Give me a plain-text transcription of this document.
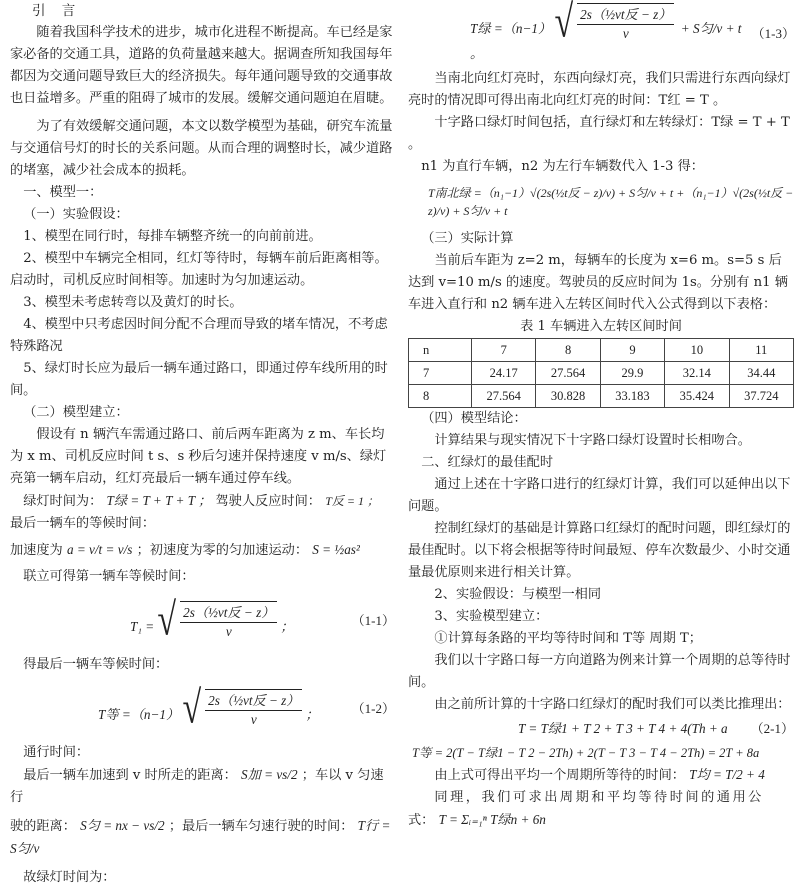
引 言

随着我国科学技术的进步，城市化进程不断提高。车已经是家家必备的交通工具，道路的负荷量越来越大。据调查所知我国每年都因为交通问题导致巨大的经济损失。每年通问题导致的交通事故也日益增多。严重的阻碍了城市的发展。缓解交通问题迫在眉睫。

为了有效缓解交通问题，本文以数学模型为基础，研究车流量与交通信号灯的时长的关系问题。从而合理的调整时长，减少道路的堵塞，减少社会成本的损耗。

一、模型一：

（一）实验假设：

1、模型在同行时，每排车辆整齐统一的向前前进。

2、模型中车辆完全相同，红灯等待时，每辆车前后距离相等。启动时，司机反应时间相等。加速时为匀加速运动。

3、模型未考虑转弯以及黄灯的时长。

4、模型中只考虑因时间分配不合理而导致的堵车情况，不考虑特殊路况

5、绿灯时长应为最后一辆车通过路口，即通过停车线所用的时间。

（二）模型建立：

假设有 n 辆汽车需通过路口、前后两车距离为 z m、车长均为 x m、司机反应时间 t s、s 秒后匀速并保持速度 v m/s、绿灯亮第一辆车启动，红灯亮最后一辆车通过停车线。

绿灯时间为： T绿 = T + T + T ； 驾驶人反应时间： T反 = 1 ；

最后一辆车的等候时间：

加速度为 a = v/t = v/s ；初速度为零的匀加速运动： S = ½as²

联立可得第一辆车等候时间：

T₁ = √ $\frac{\text{2s（½vt反 − z）}}{v}$ ；	（1-1）

得最后一辆车等候时间：

T等 =（n−1） √ $\frac{\text{2s（½vt反 − z）}}{v}$ ；	（1-2）

通行时间：

最后一辆车加速到 v 时所走的距离： S加 = vs/2 ；车以 v 匀速行

驶的距离： S匀 = nx − vs/2 ；最后一辆车匀速行驶的时间： T行 = S匀/v

故绿灯时间为：

T绿 =（n−1） √ $\frac{\text{2s（½vt反 − z）}}{v} + S$匀/v + t 。
（1-3）

当南北向红灯亮时，东西向绿灯亮，我们只需进行东西向绿灯亮时的情况即可得出南北向红灯亮的时间：T红 = T 。

十字路口绿灯时间包括，直行绿灯和左转绿灯：T绿 = T + T 。

n1 为直行车辆，n2 为左行车辆数代入 1-3 得：

T南北绿 =（n₁−1）√(2s(½t反 − z)/v) + S匀/v + t +（n₁−1）√(2s(½t反 − z)/v) + S匀/v + t

（三）实际计算

当前后车距为 z=2 m，每辆车的长度为 x=6 m。s=5 s 后达到 v=10 m/s 的速度。驾驶员的反应时间为 1s。分别有 n1 辆车进入直行和 n2 辆车进入左转区间时代入公式得到以下表格：

表 1 车辆进入左转区间时间

n	7	8	9	10	11
7	24.17	27.564	29.9	32.14	34.44
8	27.564	30.828	33.183	35.424	37.724

（四）模型结论：

计算结果与现实情况下十字路口绿灯设置时长相吻合。

二、红绿灯的最佳配时

通过上述在十字路口进行的红绿灯计算，我们可以延伸出以下问题。

控制红绿灯的基础是计算路口红绿灯的配时问题，即红绿灯的最佳配时。以下将会根据等待时间最短、停车次数最少、小时交通量最优原则来进行相关计算。

2、实验假设：与模型一相同

3、实验模型建立：

①计算每条路的平均等待时间和 T等 周期 T；

我们以十字路口每一方向道路为例来计算一个周期的总等待时间。

由之前所计算的十字路口红绿灯的配时我们可以类比推理出：

T = T绿1 + T 2 + T 3 + T 4 + 4(Th + a （2-1）

T等 = 2(T − T绿1 − T 2 − 2Th) + 2(T − T 3 − T 4 − 2Th) = 2T + 8a

由上式可得出平均一个周期所等待的时间： T均 = T/2 + 4

同理，我们可求出周期和平均等待时间的通用公

式： T = Σᵢ₌₁ⁿ T绿n + 6n
